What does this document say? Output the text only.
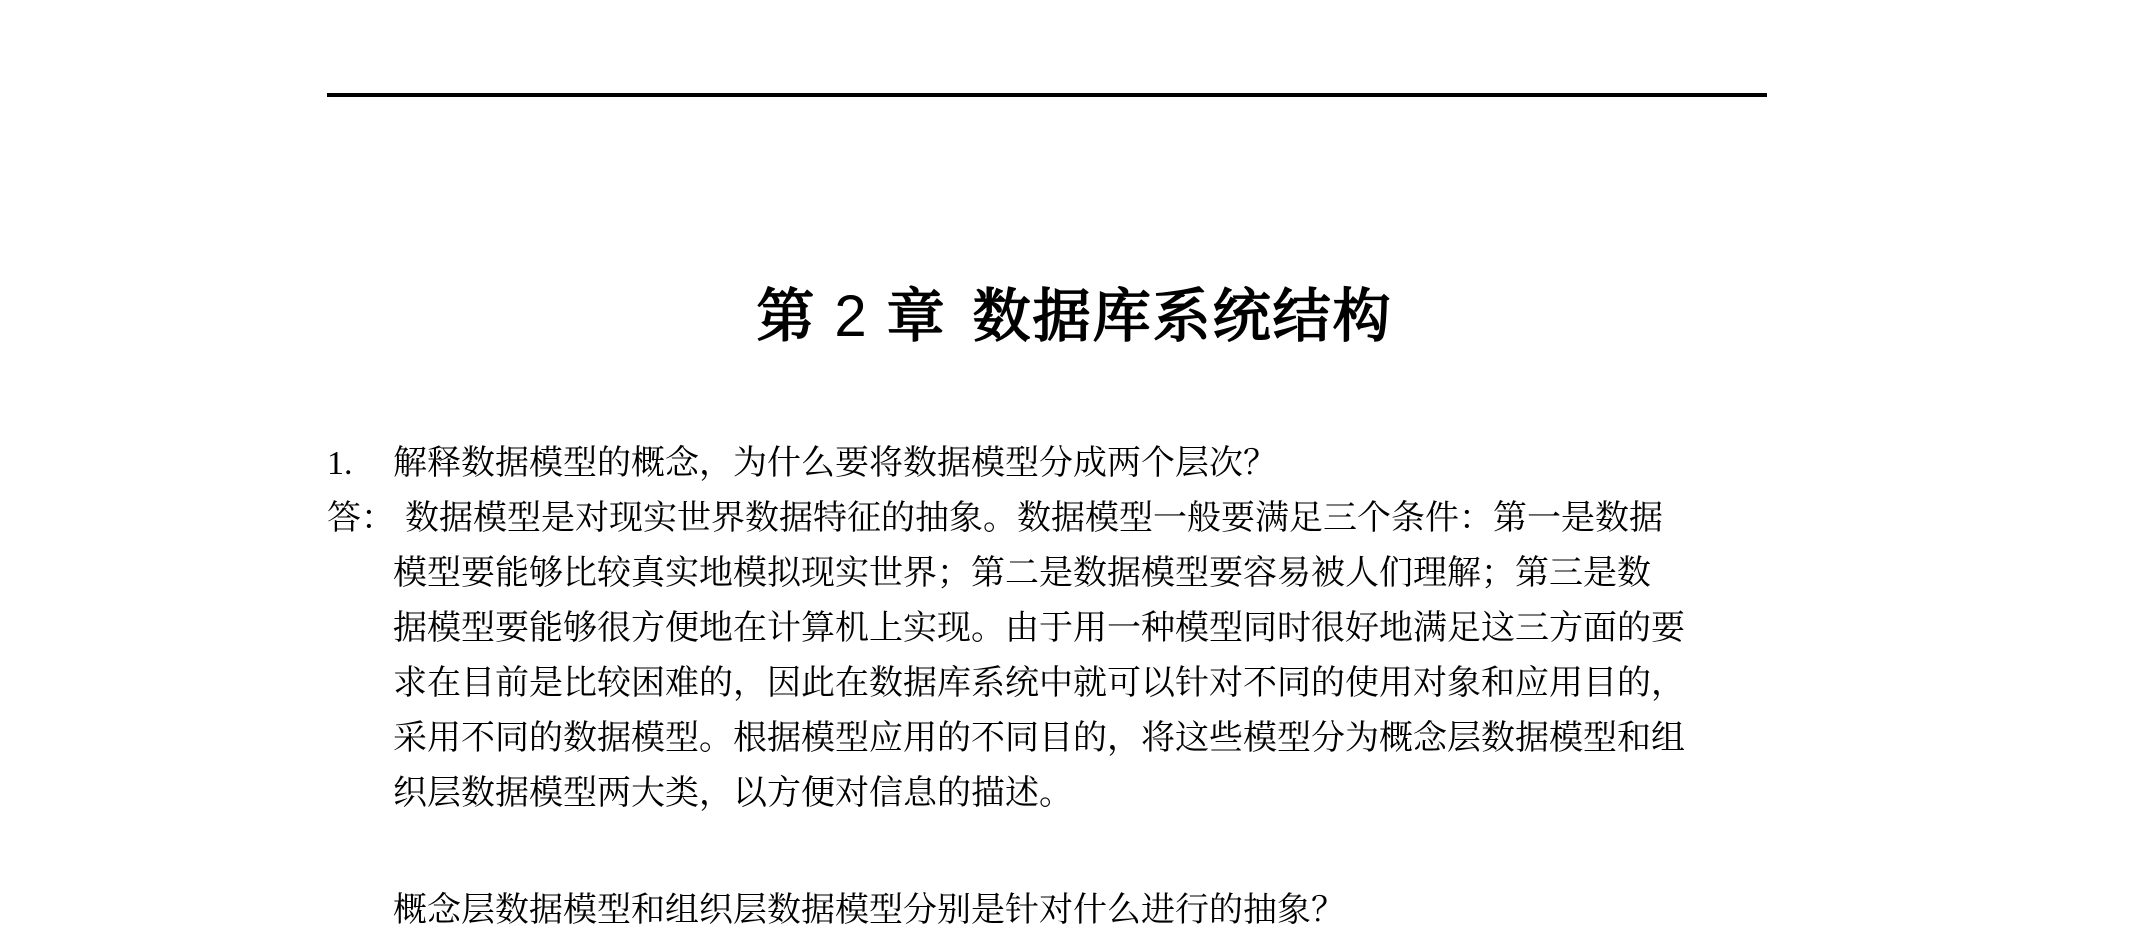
第 2 章 数据库系统结构
1. 解释数据模型的概念，为什么要将数据模型分成两个层次？
答： 数据模型是对现实世界数据特征的抽象。数据模型一般要满足三个条件：第一是数据
模型要能够比较真实地模拟现实世界；第二是数据模型要容易被人们理解；第三是数
据模型要能够很方便地在计算机上实现。由于用一种模型同时很好地满足这三方面的要
求在目前是比较困难的，因此在数据库系统中就可以针对不同的使用对象和应用目的，
采用不同的数据模型。根据模型应用的不同目的，将这些模型分为概念层数据模型和组
织层数据模型两大类，以方便对信息的描述。
概念层数据模型和组织层数据模型分别是针对什么进行的抽象？
